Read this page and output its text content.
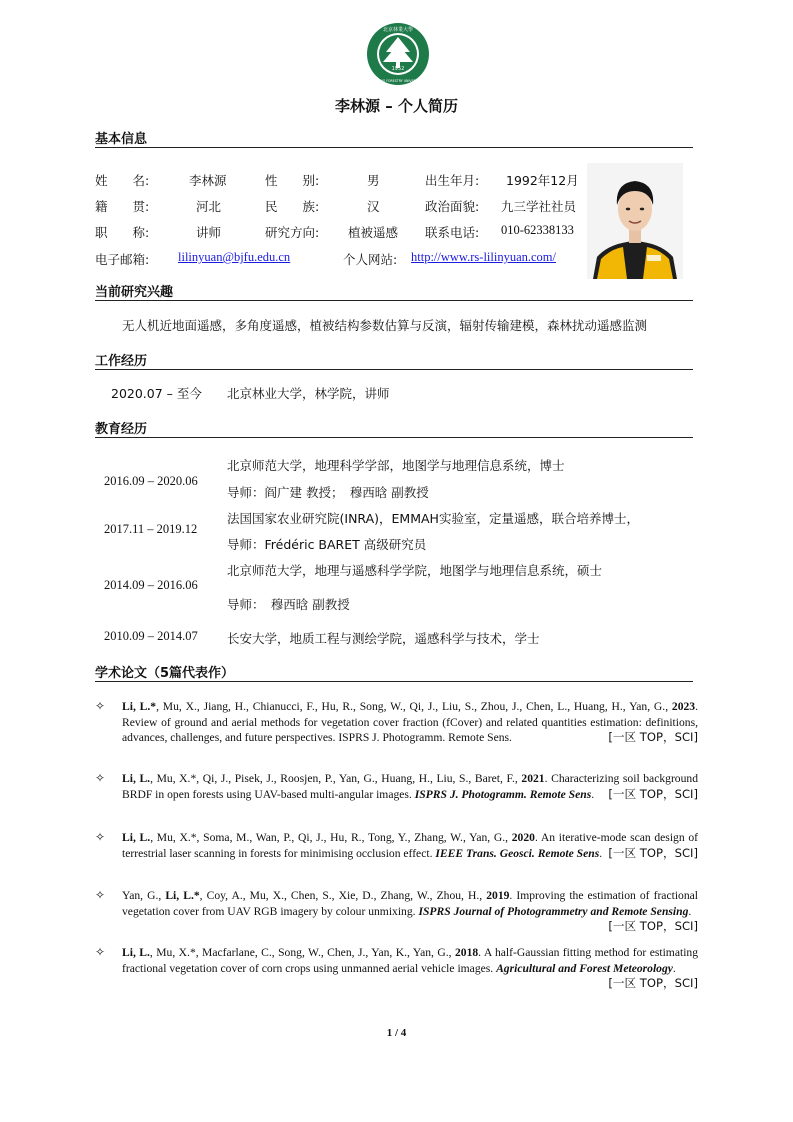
1952
北京林業大學
BEIJING FORESTRY UNIVERSITY
李林源 – 个人简历
基本信息
姓　　名:	李林源	性　　别:	男	出生年月: 1992年12月
籍　　贯:	河北	民　　族:	汉	政治面貌: 九三学社社员
职　　称:	讲师	研究方向: 植被遥感 联系电话: 010-62338133
电子邮箱: lilinyuan@bjfu.edu.cn	个人网站: http://www.rs-lilinyuan.com/
当前研究兴趣
无人机近地面遥感，多角度遥感，植被结构参数估算与反演，辐射传输建模，森林扰动遥感监测
工作经历
2020.07 – 至今 北京林业大学，林学院，讲师
教育经历
2016.09 – 2020.06
北京师范大学，地理科学学部，地图学与地理信息系统，博士
导师：阎广建 教授；　穆西晗 副教授
2017.11 – 2019.12
法国国家农业研究院(INRA)，EMMAH实验室，定量遥感，联合培养博士，
导师：Frédéric BARET 高级研究员
2014.09 – 2016.06
北京师范大学，地理与遥感科学学院，地图学与地理信息系统，硕士
导师：　穆西晗 副教授
2010.09 – 2014.07 长安大学，地质工程与测绘学院，遥感科学与技术，学士
学术论文（5篇代表作）
✧ Li, L.*, Mu, X., Jiang, H., Chianucci, F., Hu, R., Song, W., Qi, J., Liu, S., Zhou, J., Chen, L., Huang, H., Yan, G., 2023. Review of ground and aerial methods for vegetation cover fraction (fCover) and related quantities estimation: definitions, advances, challenges, and future perspectives. ISPRS J. Photogramm. Remote Sens.	[一区 TOP，SCI]
✧ Li, L., Mu, X.*, Qi, J., Pisek, J., Roosjen, P., Yan, G., Huang, H., Liu, S., Baret, F., 2021. Characterizing soil background BRDF in open forests using UAV-based multi-angular images. ISPRS J. Photogramm. Remote Sens. [一区 TOP，SCI]
✧ Li, L., Mu, X.*, Soma, M., Wan, P., Qi, J., Hu, R., Tong, Y., Zhang, W., Yan, G., 2020. An iterative-mode scan design of terrestrial laser scanning in forests for minimising occlusion effect. IEEE Trans. Geosci. Remote Sens. [一区 TOP，SCI]
✧ Yan, G., Li, L.*, Coy, A., Mu, X., Chen, S., Xie, D., Zhang, W., Zhou, H., 2019. Improving the estimation of fractional vegetation cover from UAV RGB imagery by colour unmixing. ISPRS Journal of Photogrammetry and Remote Sensing.
[一区 TOP，SCI]
✧ Li, L., Mu, X.*, Macfarlane, C., Song, W., Chen, J., Yan, K., Yan, G., 2018. A half-Gaussian fitting method for estimating fractional vegetation cover of corn crops using unmanned aerial vehicle images. Agricultural and Forest Meteorology.
[一区 TOP，SCI]
1 / 4
